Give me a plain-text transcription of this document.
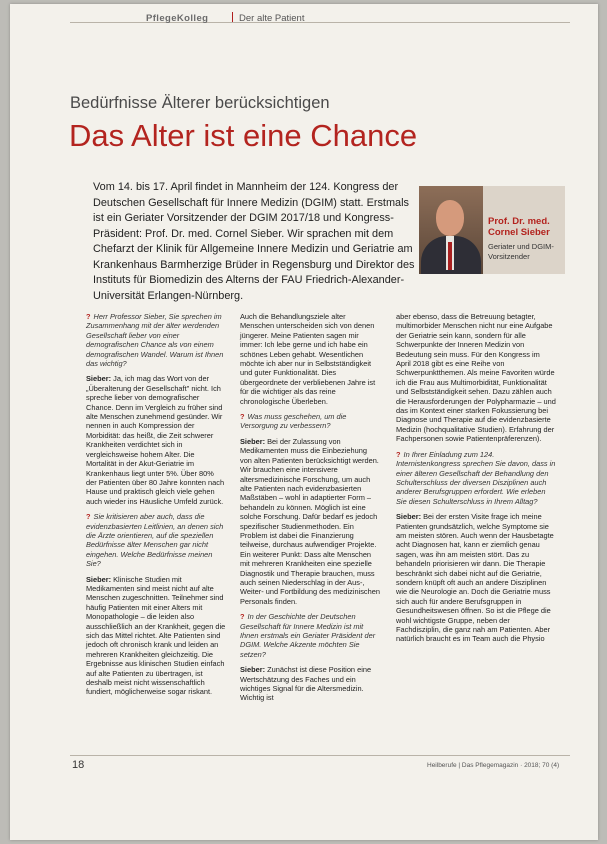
PflegeKolleg	Der alte Patient
Bedürfnisse Älterer berücksichtigen
Das Alter ist eine Chance
Vom 14. bis 17. April findet in Mannheim der 124. Kongress der Deutschen Gesellschaft für Innere Medizin (DGIM) statt. Erstmals ist ein Geriater Vorsitzender der DGIM 2017/18 und Kongress-Präsident: Prof. Dr. med. Cornel Sieber. Wir sprachen mit dem Chefarzt der Klinik für Allgemeine Innere Medizin und Geriatrie am Krankenhaus Barmherzige Brüder in Regensburg und Direktor des Instituts für Biomedizin des Alterns der FAU Friedrich-Alexander-Universität Erlangen-Nürnberg.
Prof. Dr. med. Cornel Sieber
Geriater und DGIM-Vorsitzender

? Herr Professor Sieber, Sie sprechen im Zusammenhang mit der älter werdenden Gesellschaft lieber von einer demografischen Chance als von einem demografischen Wandel. Warum ist Ihnen das wichtig?

Sieber: Ja, ich mag das Wort von der „Überalterung der Gesellschaft" nicht. Ich spreche lieber von demografischer Chance. Denn im Vergleich zu früher sind alte Menschen zunehmend gesünder. Wir nennen in auch Kompression der Morbidität: das heißt, die Zeit schwerer Krankheiten verdichtet sich in vergleichsweise hohem Alter. Die Mortalität in der Akut-Geriatrie im Krankenhaus liegt unter 5%. Über 80% der Patienten über 80 Jahre konnten nach Hause und praktisch gleich viele gehen auch wieder ins Häusliche Umfeld zurück.

? Sie kritisieren aber auch, dass die evidenzbasierten Leitlinien, an denen sich die Ärzte orientieren, auf die speziellen Bedürfnisse älter Menschen gar nicht eingehen. Welche Bedürfnisse meinen Sie?

Sieber: Klinische Studien mit Medikamenten sind meist nicht auf alte Menschen zugeschnitten. Teilnehmer sind häufig Patienten mit einer Alters mit Monopathologie – die leiden also ausschließlich an der Krankheit, gegen die sich das Mittel richtet. Alte Patienten sind jedoch oft chronisch krank und leiden an mehreren Krankheiten gleichzeitig. Die Ergebnisse aus klinischen Studien einfach auf alte Patienten zu übertragen, ist deshalb meist nicht wissenschaftlich fundiert, möglicherweise sogar riskant.

Auch die Behandlungsziele alter Menschen unterscheiden sich von denen jüngerer. Meine Patienten sagen mir immer: Ich lebe gerne und ich habe ein schönes Leben gehabt. Wesentlichen möchte ich aber nur in Selbstständigkeit und guter Funktionalität. Dies übergeordnete der verbliebenen Jahre ist für die wichtiger als das reine chronologische Überleben.

? Was muss geschehen, um die Versorgung zu verbessern?

Sieber: Bei der Zulassung von Medikamenten muss die Einbeziehung von alten Patienten berücksichtigt werden. Wir brauchen eine intensivere altersmedizinische Forschung, um auch alte Patienten nach evidenzbasierten Maßstäben – wohl in adaptierter Form – behandeln zu können. Möglich ist eine solche Forschung. Dafür bedarf es jedoch spezifischer Studienmethoden. Ein Problem ist dabei die Finanzierung teilweise, durchaus aufwendiger Projekte. Ein weiterer Punkt: Dass alte Menschen mit mehreren Krankheiten eine spezielle Diagnostik und Therapie brauchen, muss auch seinen Niederschlag in der Aus-, Weiter- und Fortbildung des medizinischen Personals finden.

? In der Geschichte der Deutschen Gesellschaft für Innere Medizin ist mit Ihnen erstmals ein Geriater Präsident der DGIM. Welche Akzente möchten Sie setzen?

Sieber: Zunächst ist diese Position eine Wertschätzung des Faches und ein wichtiges Signal für die Altersmedizin. Wichtig ist

aber ebenso, dass die Betreuung betagter, multimorbider Menschen nicht nur eine Aufgabe der Geriatrie sein kann, sondern für alle Schwerpunkte der Inneren Medizin von Bedeutung sein muss. Für den Kongress im April 2018 gibt es eine Reihe von Schwerpunktthemen. Als meine Favoriten würde ich die Frau aus Multimorbidität, Funktionalität und Selbstständigkeit sehen. Dazu zählen auch die Herausforderungen der Polypharmazie – und das im Kontext einer starken Fokussierung bei Diagnose und Therapie auf die evidenzbasierte Medizin (hochqualitative Studien). Erfahrung der Fachpersonen sowie Patientenpräferenzen).

? In Ihrer Einladung zum 124. Internistenkongress sprechen Sie davon, dass in einer älteren Gesellschaft der Behandlung den Schulterschluss der diversen Disziplinen auch anderer Berufsgruppen erfordert. Wie erleben Sie diesen Schulterschluss in Ihrem Alltag?

Sieber: Bei der ersten Visite frage ich meine Patienten grundsätzlich, welche Symptome sie am meisten stören. Auch wenn der Hausbetagte acht Diagnosen hat, kann er ziemlich genau sagen, was ihn am meisten stört. Das zu behandeln priorisieren wir dann. Die Therapie beschränkt sich dabei nicht auf die Geriatrie, sondern knüpft oft auch an andere Disziplinen wie die Neurologie an. Doch die Geriatrie muss sich auch für andere Berufsgruppen in Gesundheitswesen öffnen. So ist die Pflege die wohl wichtigste Gruppe, neben der Fachdisziplin, die ganz nah am Patienten. Aber natürlich braucht es im Team auch die Physio

18	Heilberufe | Das Pflegemagazin · 2018; 70 (4)
